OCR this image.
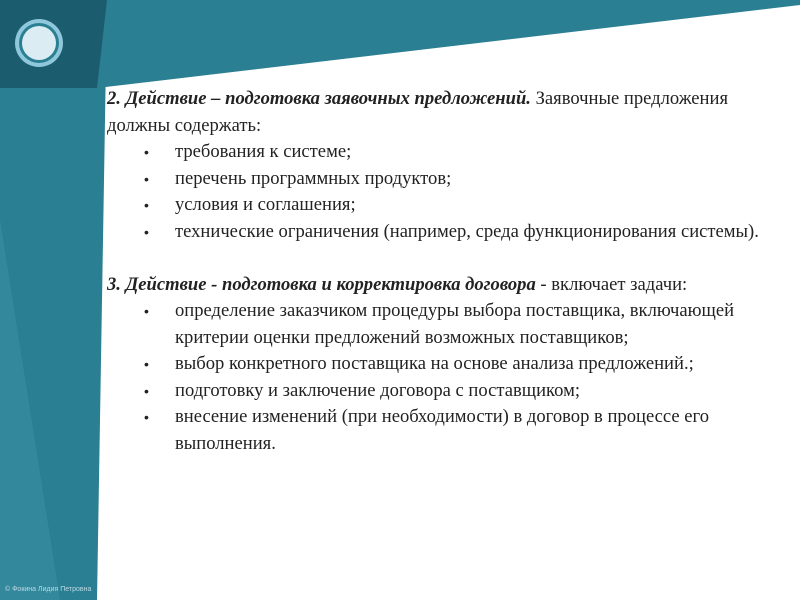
2. Действие – подготовка заявочных предложений. Заявочные предложения должны содержать:

• требования к системе;
• перечень программных продуктов;
• условия и соглашения;
• технические ограничения (например, среда функционирования системы).

3. Действие - подготовка и корректировка договора - включает задачи:

• определение заказчиком процедуры выбора поставщика, включающей критерии оценки предложений возможных поставщиков;
• выбор конкретного поставщика на основе анализа предложений.;
• подготовку и заключение договора с поставщиком;
• внесение изменений (при необходимости) в договор в процессе его выполнения.
© Фокина Лидия Петровна
